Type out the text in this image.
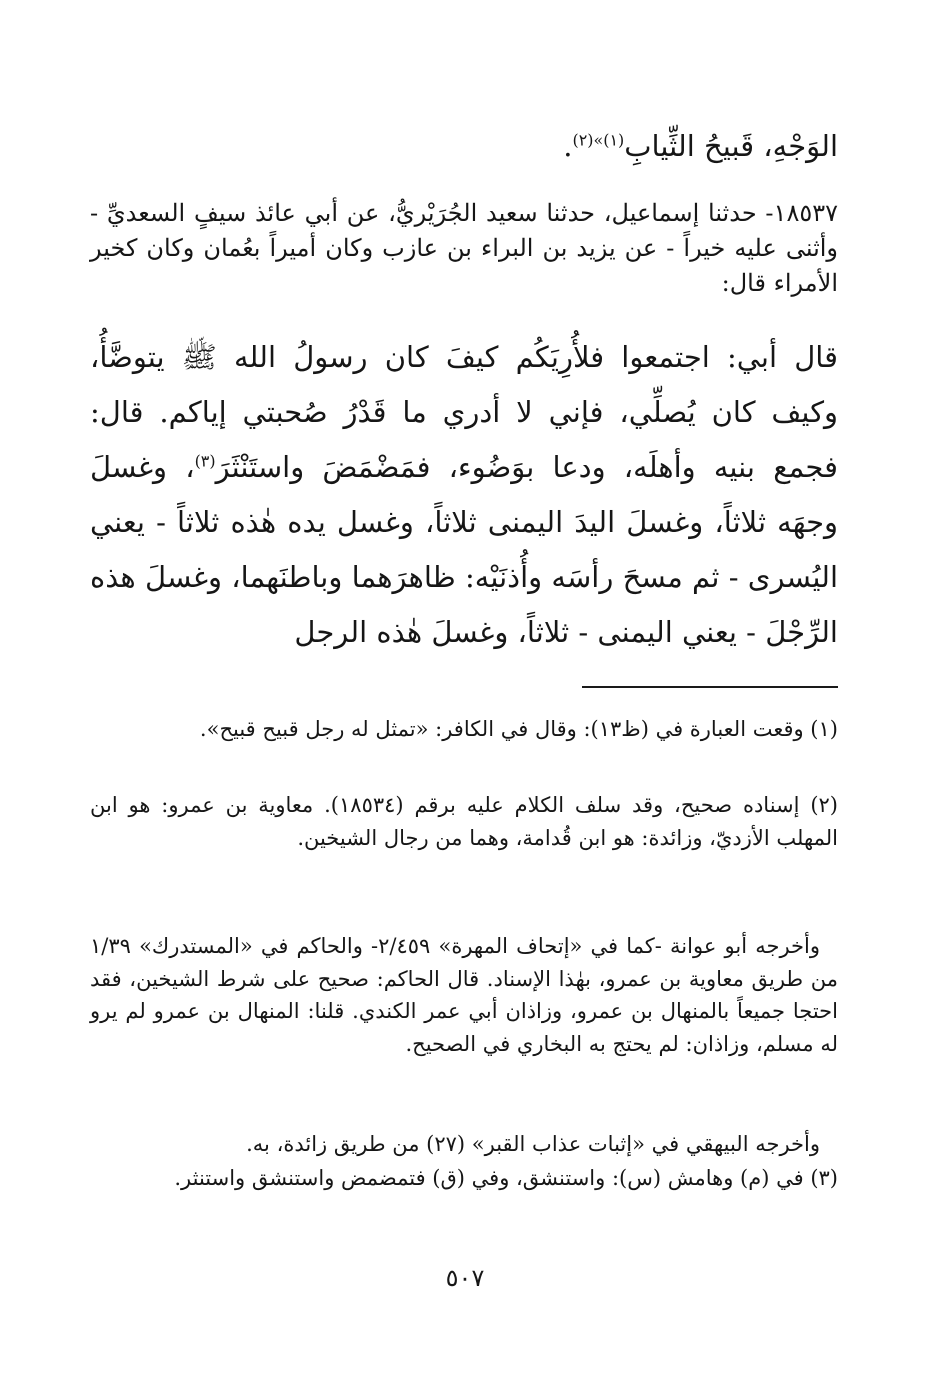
الوَجْهِ، قَبيحُ الثِّيابِ$^{(١)»(٢)}$.

١٨٥٣٧- حدثنا إسماعيل، حدثنا سعيد الجُرَيْريُّ، عن أبي عائذ سيفٍ السعديِّ - وأثنى عليه خيراً - عن يزيد بن البراء بن عازب وكان أميراً بعُمان وكان كخير الأمراء قال:

قال أبي: اجتمعوا فلأُرِيَكُم كيفَ كان رسولُ الله ﷺ يتوضَّأُ، وكيف كان يُصلِّي، فإني لا أدري ما قَدْرُ صُحبتي إياكم. قال: فجمع بنيه وأهلَه، ودعا بوَضُوء، فمَضْمَضَ واستَنْثَرَ$^{(٣)}$، وغسلَ وجهَه ثلاثاً، وغسلَ اليدَ اليمنى ثلاثاً، وغسل يده هٰذه ثلاثاً - يعني اليُسرى - ثم مسحَ رأسَه وأُذنَيْه: ظاهرَهما وباطنَهما، وغسلَ هذه الرِّجْلَ - يعني اليمنى - ثلاثاً، وغسلَ هٰذه الرجل

(١) وقعت العبارة في (ظ١٣): وقال في الكافر: «تمثل له رجل قبيح قبيح».

(٢) إسناده صحيح، وقد سلف الكلام عليه برقم (١٨٥٣٤). معاوية بن عمرو: هو ابن المهلب الأزديّ، وزائدة: هو ابن قُدامة، وهما من رجال الشيخين.

وأخرجه أبو عوانة -كما في «إتحاف المهرة» ٢/٤٥٩- والحاكم في «المستدرك» ١/٣٩ من طريق معاوية بن عمرو، بهٰذا الإسناد. قال الحاكم: صحيح على شرط الشيخين، فقد احتجا جميعاً بالمنهال بن عمرو، وزاذان أبي عمر الكندي. قلنا: المنهال بن عمرو لم يرو له مسلم، وزاذان: لم يحتج به البخاري في الصحيح.

وأخرجه البيهقي في «إثبات عذاب القبر» (٢٧) من طريق زائدة، به.

(٣) في (م) وهامش (س): واستنشق، وفي (ق) فتمضمض واستنشق واستنثر.

٥٠٧
